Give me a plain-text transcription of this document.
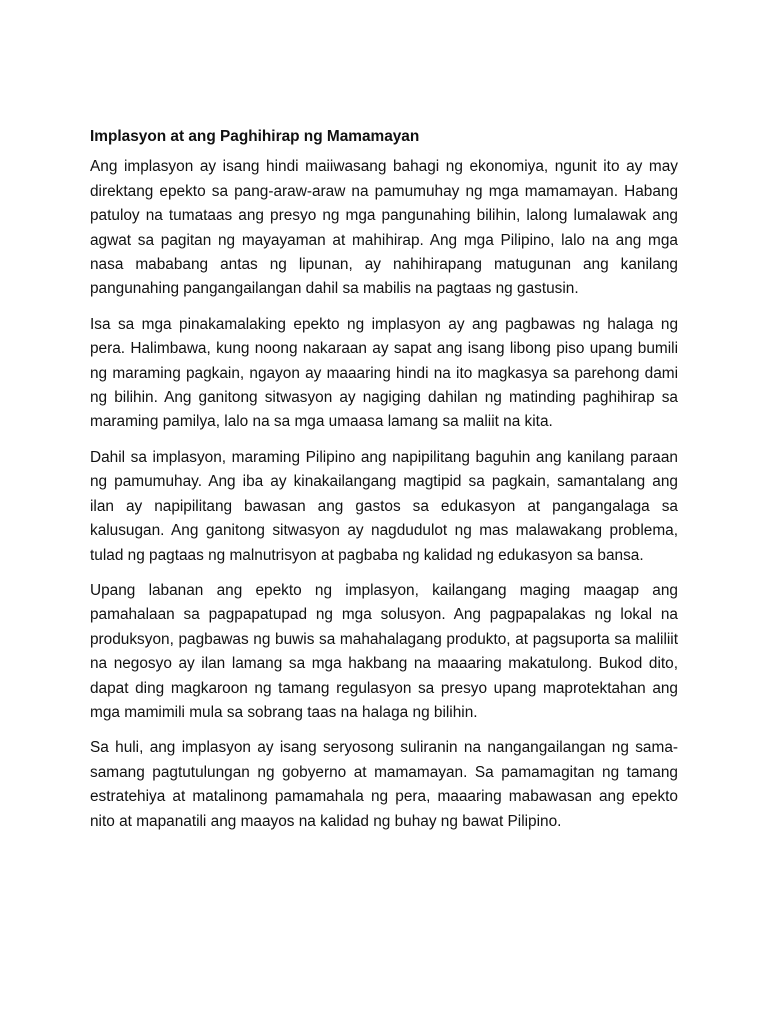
Implasyon at ang Paghihirap ng Mamamayan

Ang implasyon ay isang hindi maiiwasang bahagi ng ekonomiya, ngunit ito ay may direktang epekto sa pang-araw-araw na pamumuhay ng mga mamamayan. Habang patuloy na tumataas ang presyo ng mga pangunahing bilihin, lalong lumalawak ang agwat sa pagitan ng mayayaman at mahihirap. Ang mga Pilipino, lalo na ang mga nasa mababang antas ng lipunan, ay nahihirapang matugunan ang kanilang pangunahing pangangailangan dahil sa mabilis na pagtaas ng gastusin.

Isa sa mga pinakamalaking epekto ng implasyon ay ang pagbawas ng halaga ng pera. Halimbawa, kung noong nakaraan ay sapat ang isang libong piso upang bumili ng maraming pagkain, ngayon ay maaaring hindi na ito magkasya sa parehong dami ng bilihin. Ang ganitong sitwasyon ay nagiging dahilan ng matinding paghihirap sa maraming pamilya, lalo na sa mga umaasa lamang sa maliit na kita.

Dahil sa implasyon, maraming Pilipino ang napipilitang baguhin ang kanilang paraan ng pamumuhay. Ang iba ay kinakailangang magtipid sa pagkain, samantalang ang ilan ay napipilitang bawasan ang gastos sa edukasyon at pangangalaga sa kalusugan. Ang ganitong sitwasyon ay nagdudulot ng mas malawakang problema, tulad ng pagtaas ng malnutrisyon at pagbaba ng kalidad ng edukasyon sa bansa.

Upang labanan ang epekto ng implasyon, kailangang maging maagap ang pamahalaan sa pagpapatupad ng mga solusyon. Ang pagpapalakas ng lokal na produksyon, pagbawas ng buwis sa mahahalagang produkto, at pagsuporta sa maliliit na negosyo ay ilan lamang sa mga hakbang na maaaring makatulong. Bukod dito, dapat ding magkaroon ng tamang regulasyon sa presyo upang maprotektahan ang mga mamimili mula sa sobrang taas na halaga ng bilihin.

Sa huli, ang implasyon ay isang seryosong suliranin na nangangailangan ng sama-samang pagtutulungan ng gobyerno at mamamayan. Sa pamamagitan ng tamang estratehiya at matalinong pamamahala ng pera, maaaring mabawasan ang epekto nito at mapanatili ang maayos na kalidad ng buhay ng bawat Pilipino.
